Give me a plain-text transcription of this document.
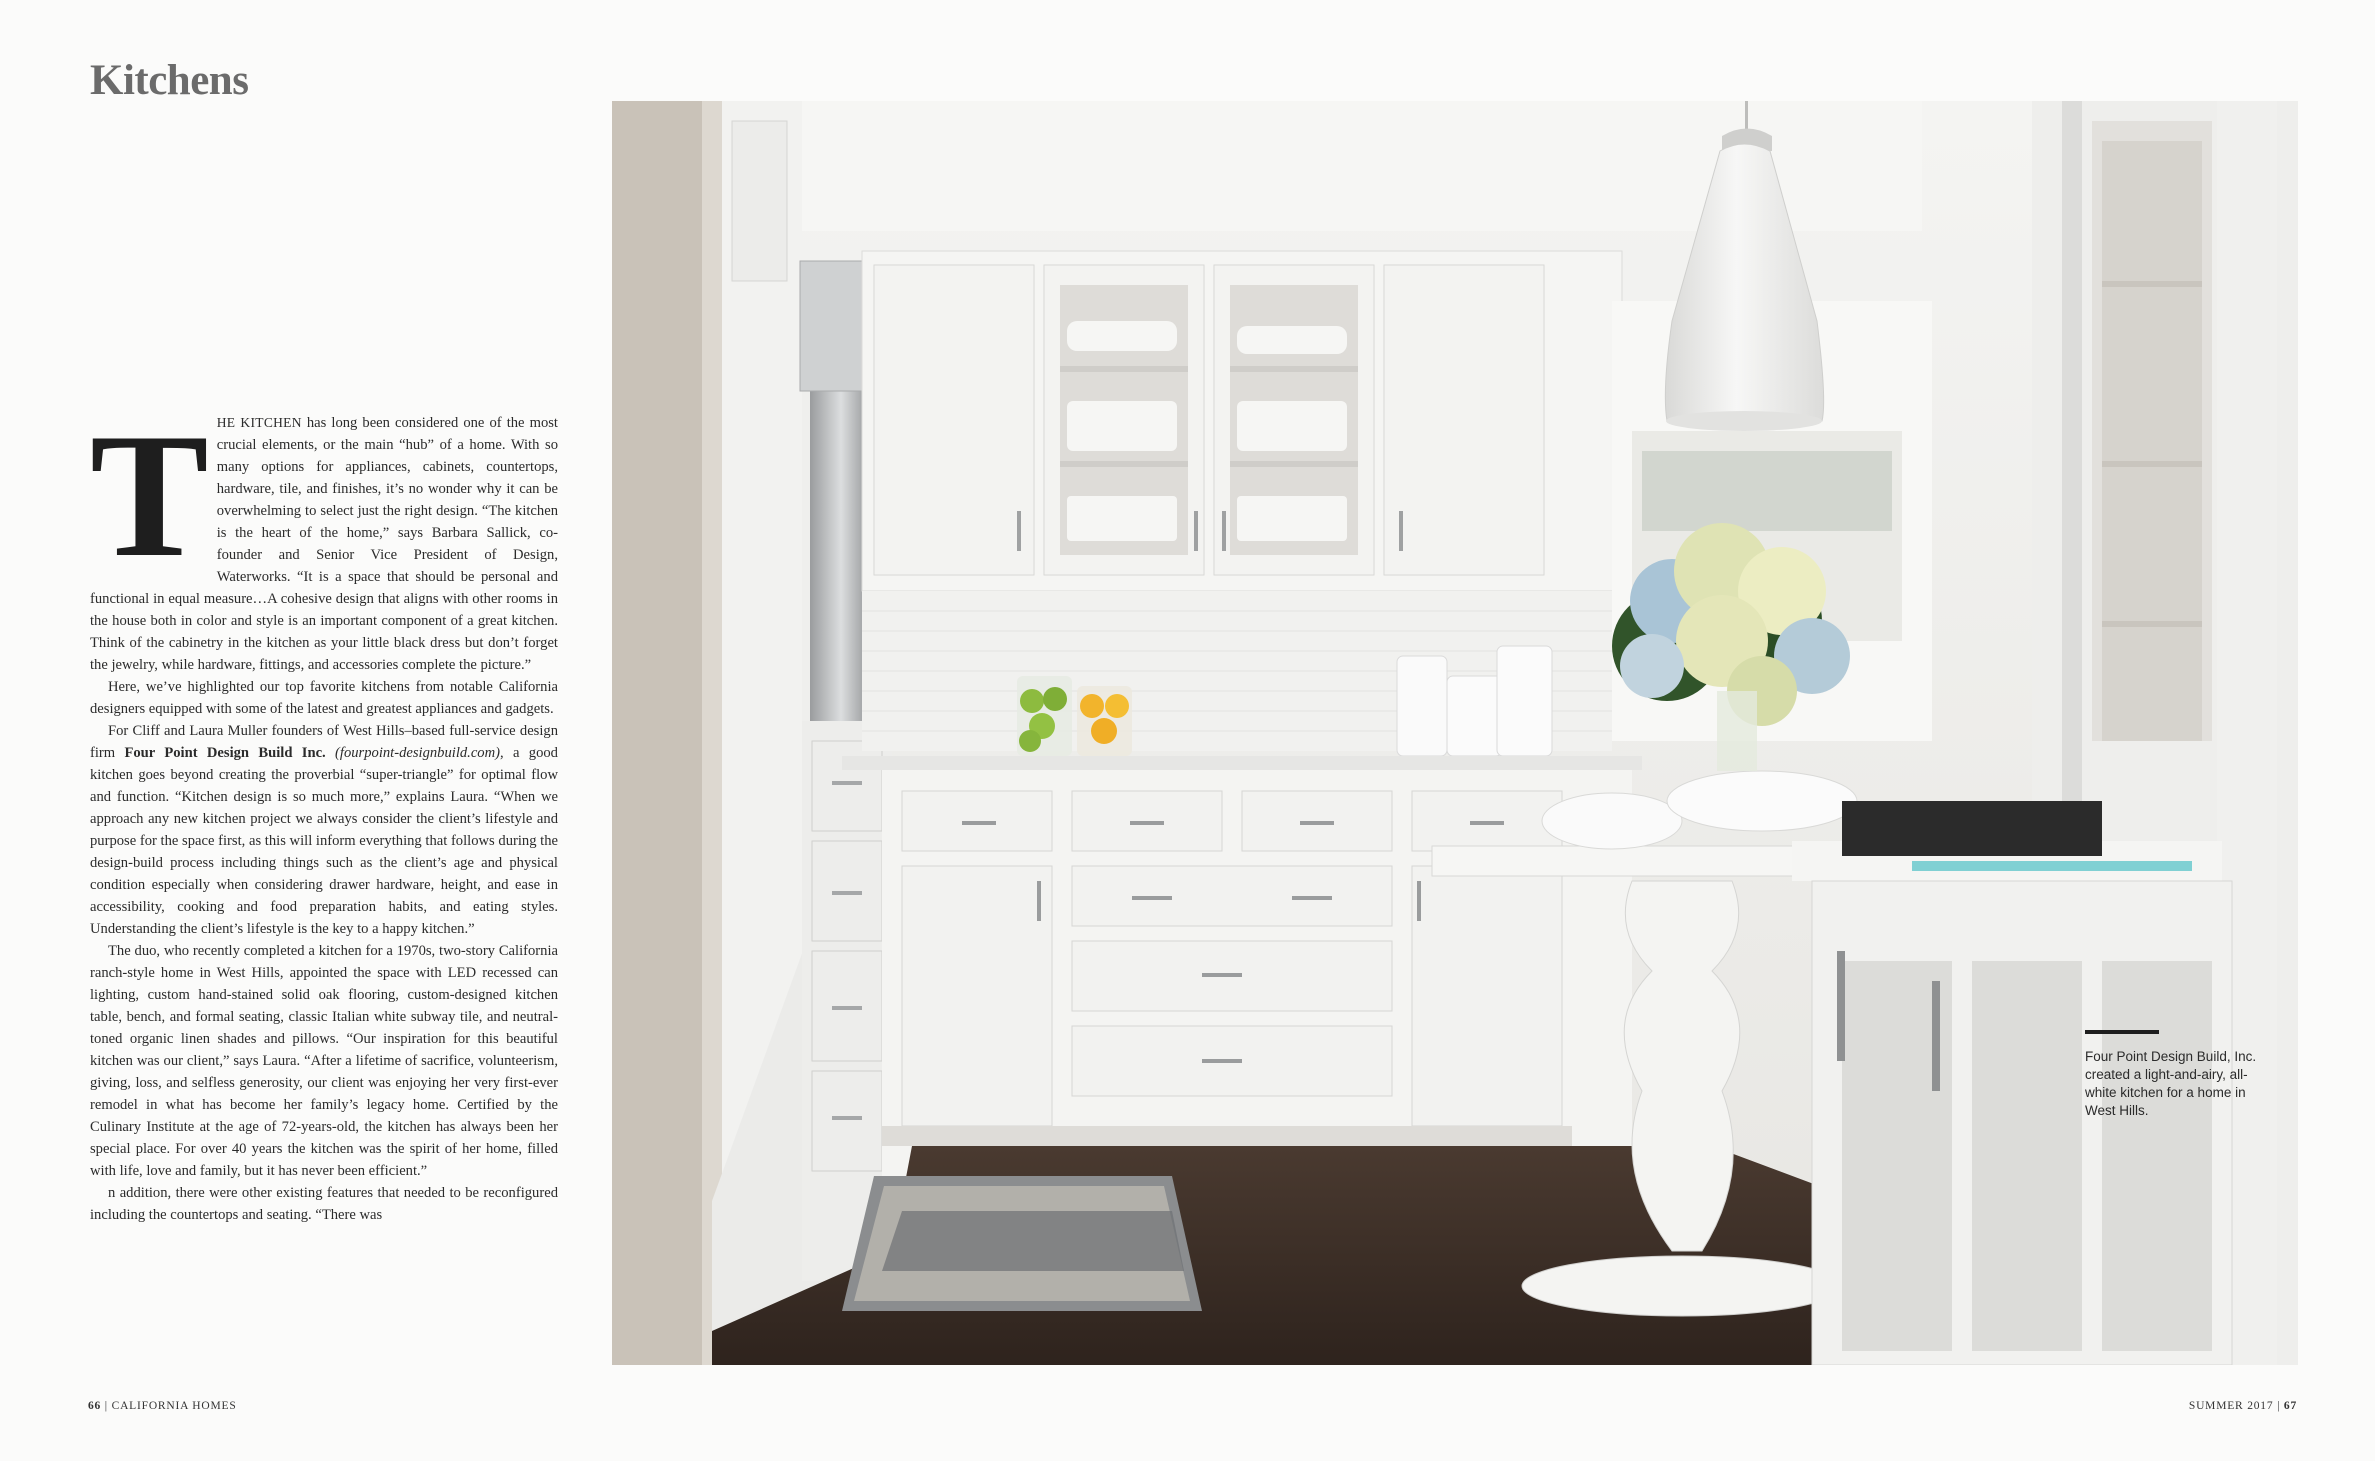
Kitchens

THE KITCHEN has long been considered one of the most crucial elements, or the main “hub” of a home. With so many options for appliances, cabinets, countertops, hardware, tile, and finishes, it’s no wonder why it can be overwhelming to select just the right design. “The kitchen is the heart of the home,” says Barbara Sallick, co-founder and Senior Vice President of Design, Waterworks. “It is a space that should be personal and functional in equal measure…A cohesive design that aligns with other rooms in the house both in color and style is an important component of a great kitchen. Think of the cabinetry in the kitchen as your little black dress but don’t forget the jewelry, while hardware, fittings, and accessories complete the picture.”

Here, we’ve highlighted our top favorite kitchens from notable California designers equipped with some of the latest and greatest appliances and gadgets.

For Cliff and Laura Muller founders of West Hills–based full-service design firm Four Point Design Build Inc. (fourpoint-designbuild.com), a good kitchen goes beyond creating the proverbial “super-triangle” for optimal flow and function. “Kitchen design is so much more,” explains Laura. “When we approach any new kitchen project we always consider the client’s lifestyle and purpose for the space first, as this will inform everything that follows during the design-build process including things such as the client’s age and physical condition especially when considering drawer hardware, height, and ease in accessibility, cooking and food preparation habits, and eating styles. Understanding the client’s lifestyle is the key to a happy kitchen.”

The duo, who recently completed a kitchen for a 1970s, two-story California ranch-style home in West Hills, appointed the space with LED recessed can lighting, custom hand-stained solid oak flooring, custom-designed kitchen table, bench, and formal seating, classic Italian white subway tile, and neutral-toned organic linen shades and pillows. “Our inspiration for this beautiful kitchen was our client,” says Laura. “After a lifetime of sacrifice, volunteerism, giving, loss, and selfless generosity, our client was enjoying her very first-ever remodel in what has become her family’s legacy home. Certified by the Culinary Institute at the age of 72-years-old, the kitchen has always been her special place. For over 40 years the kitchen was the spirit of her home, filled with life, love and family, but it has never been efficient.”

n addition, there were other existing features that needed to be reconfigured including the countertops and seating. “There was

Four Point Design Build, Inc. created a light-and-airy, all-white kitchen for a home in West Hills.
66 | CALIFORNIA HOMES	SUMMER 2017 | 67
